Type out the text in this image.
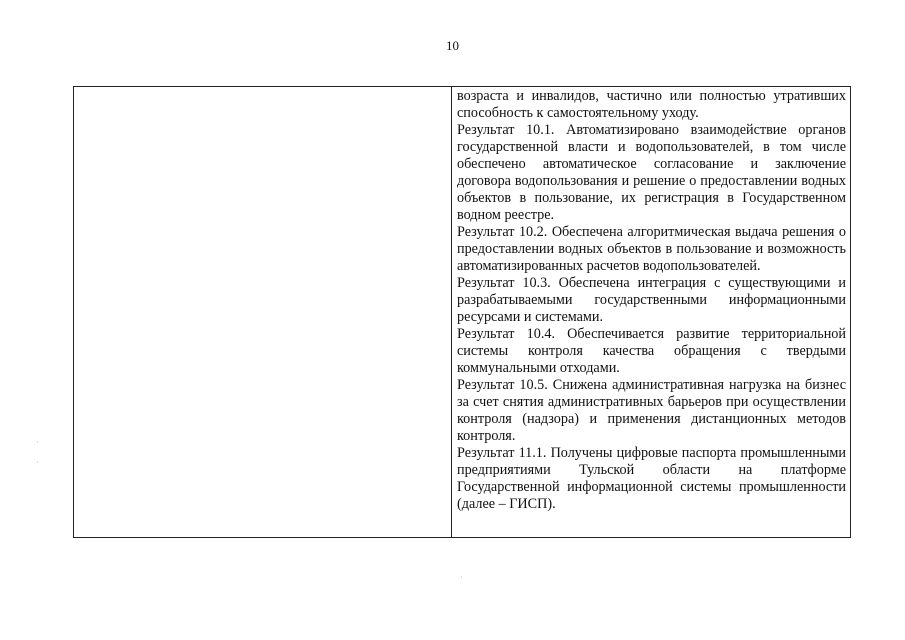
10

возраста и инвалидов, частично или полностью утративших способность к самостоятельному уходу.

Результат 10.1. Автоматизировано взаимодействие органов государственной власти и водопользователей, в том числе обеспечено автоматическое согласование и заключение договора водопользования и решение о предоставлении водных объектов в пользование, их регистрация в Государственном водном реестре.

Результат 10.2. Обеспечена алгоритмическая выдача решения о предоставлении водных объектов в пользование и возможность автоматизированных расчетов водопользователей.

Результат 10.3. Обеспечена интеграция с существующими и разрабатываемыми государственными информационными ресурсами и системами.

Результат 10.4. Обеспечивается развитие территориальной системы контроля качества обращения с твердыми коммунальными отходами.

Результат 10.5. Снижена административная нагрузка на бизнес за счет снятия административных барьеров при осуществлении контроля (надзора) и применения дистанционных методов контроля.

Результат 11.1. Получены цифровые паспорта промышленными предприятиями Тульской области на платформе Государственной информационной системы промышленности (далее – ГИСП).

·
·
·
